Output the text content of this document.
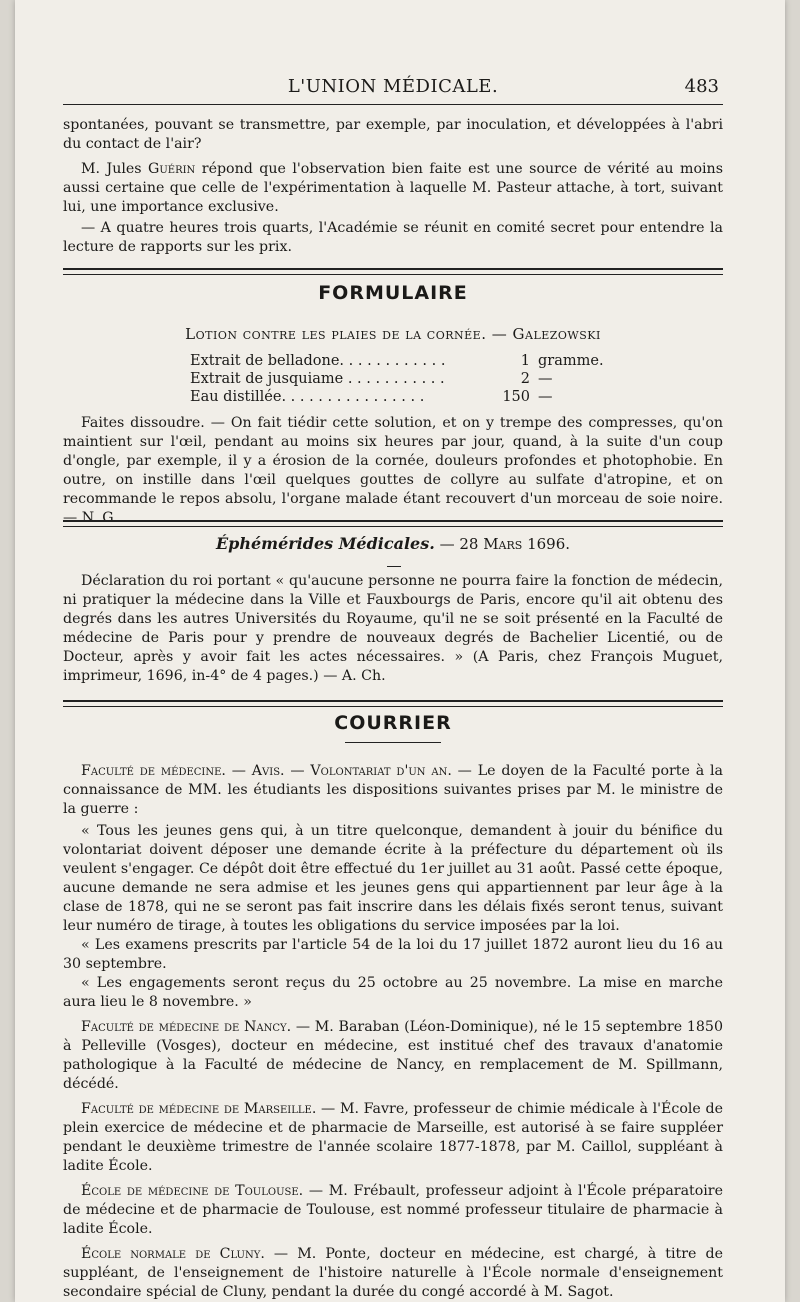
L'UNION MÉDICALE.	483

spontanées, pouvant se transmettre, par exemple, par inoculation, et développées à l'abri du contact de l'air?

M. Jules Guérin répond que l'observation bien faite est une source de vérité au moins aussi certaine que celle de l'expérimentation à laquelle M. Pasteur attache, à tort, suivant lui, une importance exclusive.

— A quatre heures trois quarts, l'Académie se réunit en comité secret pour entendre la lecture de rapports sur les prix.

FORMULAIRE
Lotion contre les plaies de la cornée. — Galezowski
Extrait de belladone. . . . . . . . . . . .	1 gramme.
Extrait de jusquiame . . . . . . . . . . .	2 —
Eau distillée. . . . . . . . . . . . . . . .	150 —

Faites dissoudre. — On fait tiédir cette solution, et on y trempe des compresses, qu'on maintient sur l'œil, pendant au moins six heures par jour, quand, à la suite d'un coup d'ongle, par exemple, il y a érosion de la cornée, douleurs profondes et photophobie. En outre, on instille dans l'œil quelques gouttes de collyre au sulfate d'atropine, et on recommande le repos absolu, l'organe malade étant recouvert d'un morceau de soie noire. — N. G.

Éphémérides Médicales. — 28 Mars 1696.

Déclaration du roi portant « qu'aucune personne ne pourra faire la fonction de médecin, ni pratiquer la médecine dans la Ville et Fauxbourgs de Paris, encore qu'il ait obtenu des degrés dans les autres Universités du Royaume, qu'il ne se soit présenté en la Faculté de médecine de Paris pour y prendre de nouveaux degrés de Bachelier Licentié, ou de Docteur, après y avoir fait les actes nécessaires. » (A Paris, chez François Muguet, imprimeur, 1696, in-4° de 4 pages.) — A. Ch.

COURRIER

Faculté de médecine. — Avis. — Volontariat d'un an. — Le doyen de la Faculté porte à la connaissance de MM. les étudiants les dispositions suivantes prises par M. le ministre de la guerre :

« Tous les jeunes gens qui, à un titre quelconque, demandent à jouir du bénifice du volontariat doivent déposer une demande écrite à la préfecture du département où ils veulent s'engager. Ce dépôt doit être effectué du 1er juillet au 31 août. Passé cette époque, aucune demande ne sera admise et les jeunes gens qui appartiennent par leur âge à la clase de 1878, qui ne se seront pas fait inscrire dans les délais fixés seront tenus, suivant leur numéro de tirage, à toutes les obligations du service imposées par la loi.

« Les examens prescrits par l'article 54 de la loi du 17 juillet 1872 auront lieu du 16 au 30 septembre.

« Les engagements seront reçus du 25 octobre au 25 novembre. La mise en marche aura lieu le 8 novembre. »

Faculté de médecine de Nancy. — M. Baraban (Léon-Dominique), né le 15 septembre 1850 à Pelleville (Vosges), docteur en médecine, est institué chef des travaux d'anatomie pathologique à la Faculté de médecine de Nancy, en remplacement de M. Spillmann, décédé.

Faculté de médecine de Marseille. — M. Favre, professeur de chimie médicale à l'École de plein exercice de médecine et de pharmacie de Marseille, est autorisé à se faire suppléer pendant le deuxième trimestre de l'année scolaire 1877-1878, par M. Caillol, suppléant à ladite École.

École de médecine de Toulouse. — M. Frébault, professeur adjoint à l'École préparatoire de médecine et de pharmacie de Toulouse, est nommé professeur titulaire de pharmacie à ladite École.

École normale de Cluny. — M. Ponte, docteur en médecine, est chargé, à titre de suppléant, de l'enseignement de l'histoire naturelle à l'École normale d'enseignement secondaire spécial de Cluny, pendant la durée du congé accordé à M. Sagot.
